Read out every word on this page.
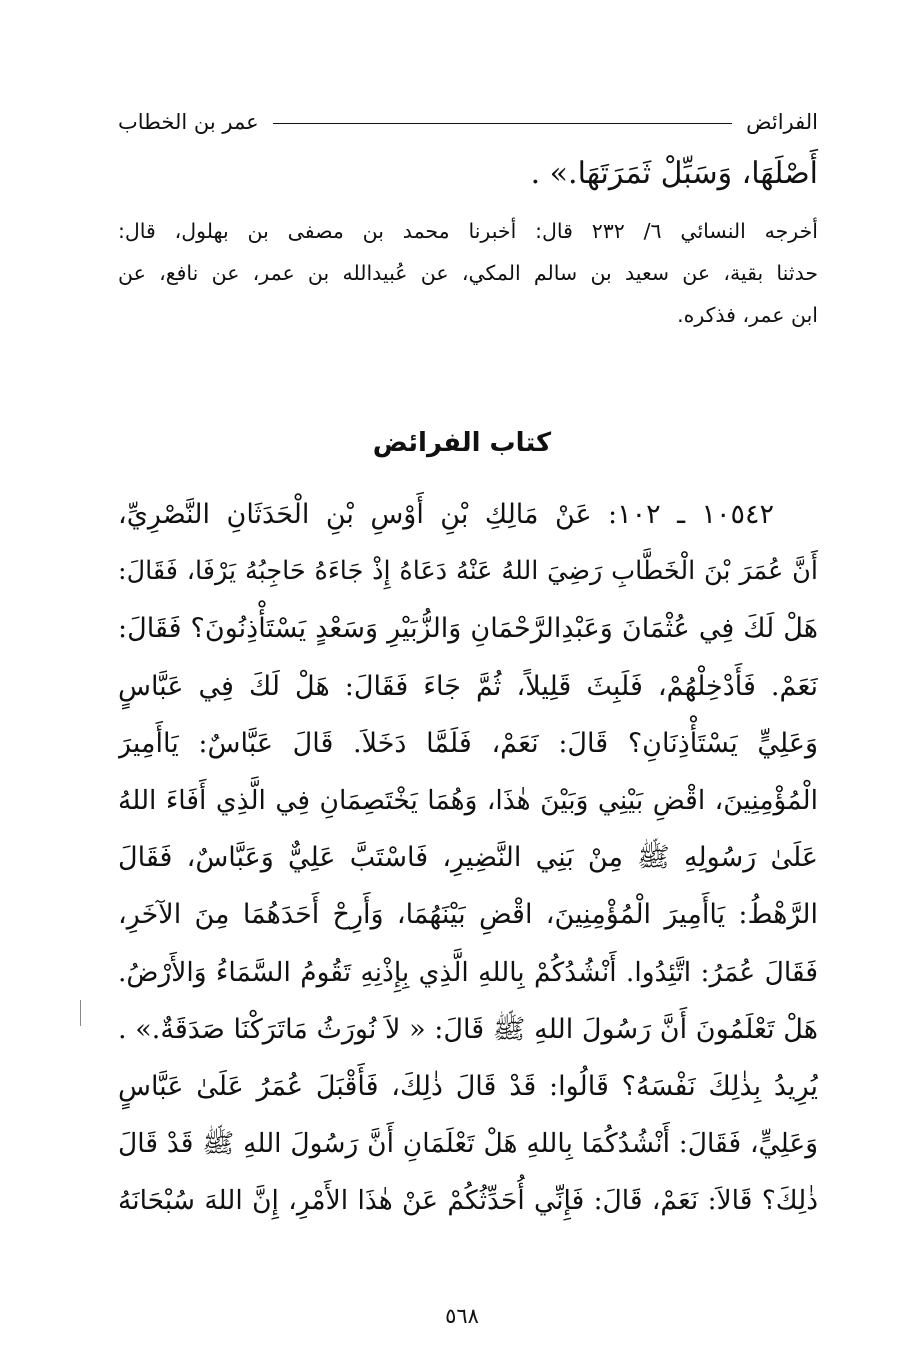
الفرائض
عمر بن الخطاب
أَصْلَهَا، وَسَبِّلْ ثَمَرَتَهَا.» .
أخرجه النسائي ٦/ ٢٣٢ قال: أخبرنا محمد بن مصفى بن بهلول، قال:
حدثنا بقية، عن سعيد بن سالم المكي، عن عُبيدالله بن عمر، عن نافع، عن
ابن عمر، فذكره.
كتاب الفرائض
١٠٥٤٢ ـ ١٠٢: عَنْ مَالِكِ بْنِ أَوْسِ بْنِ الْحَدَثَانِ النَّصْرِيِّ،
أَنَّ عُمَرَ بْنَ الْخَطَّابِ رَضِيَ اللهُ عَنْهُ دَعَاهُ إِذْ جَاءَهُ حَاجِبُهُ يَرْفَا، فَقَالَ:
هَلْ لَكَ فِي عُثْمَانَ وَعَبْدِالرَّحْمَانِ وَالزُّبَيْرِ وَسَعْدٍ يَسْتَأْذِنُونَ؟ فَقَالَ:
نَعَمْ. فَأَدْخِلْهُمْ، فَلَبِثَ قَلِيلاً، ثُمَّ جَاءَ فَقَالَ: هَلْ لَكَ فِي عَبَّاسٍ
وَعَلِيٍّ يَسْتَأْذِنَانِ؟ قَالَ: نَعَمْ، فَلَمَّا دَخَلاَ. قَالَ عَبَّاسٌ: يَاأَمِيرَ
الْمُؤْمِنِينَ، اقْضِ بَيْنِي وَبَيْنَ هٰذَا، وَهُمَا يَخْتَصِمَانِ فِي الَّذِي أَفَاءَ اللهُ
عَلَىٰ رَسُولِهِ ﷺ مِنْ بَنِي النَّضِيرِ، فَاسْتَبَّ عَلِيٌّ وَعَبَّاسٌ، فَقَالَ
الرَّهْطُ: يَاأَمِيرَ الْمُؤْمِنِينَ، اقْضِ بَيْنَهُمَا، وَأَرِحْ أَحَدَهُمَا مِنَ الآخَرِ،
فَقَالَ عُمَرُ: اتَّئِدُوا. أَنْشُدُكُمْ بِاللهِ الَّذِي بِإِذْنِهِ تَقُومُ السَّمَاءُ وَالأَرْضُ.
هَلْ تَعْلَمُونَ أَنَّ رَسُولَ اللهِ ﷺ قَالَ: « لاَ نُورَثُ مَاتَرَكْنَا صَدَقَةٌ.» .
يُرِيدُ بِذٰلِكَ نَفْسَهُ؟ قَالُوا: قَدْ قَالَ ذٰلِكَ، فَأَقْبَلَ عُمَرُ عَلَىٰ عَبَّاسٍ
وَعَلِيٍّ، فَقَالَ: أَنْشُدُكُمَا بِاللهِ هَلْ تَعْلَمَانِ أَنَّ رَسُولَ اللهِ ﷺ قَدْ قَالَ
ذٰلِكَ؟ قَالاَ: نَعَمْ، قَالَ: فَإِنِّي أُحَدِّثُكُمْ عَنْ هٰذَا الأَمْرِ، إِنَّ اللهَ سُبْحَانَهُ
٥٦٨
